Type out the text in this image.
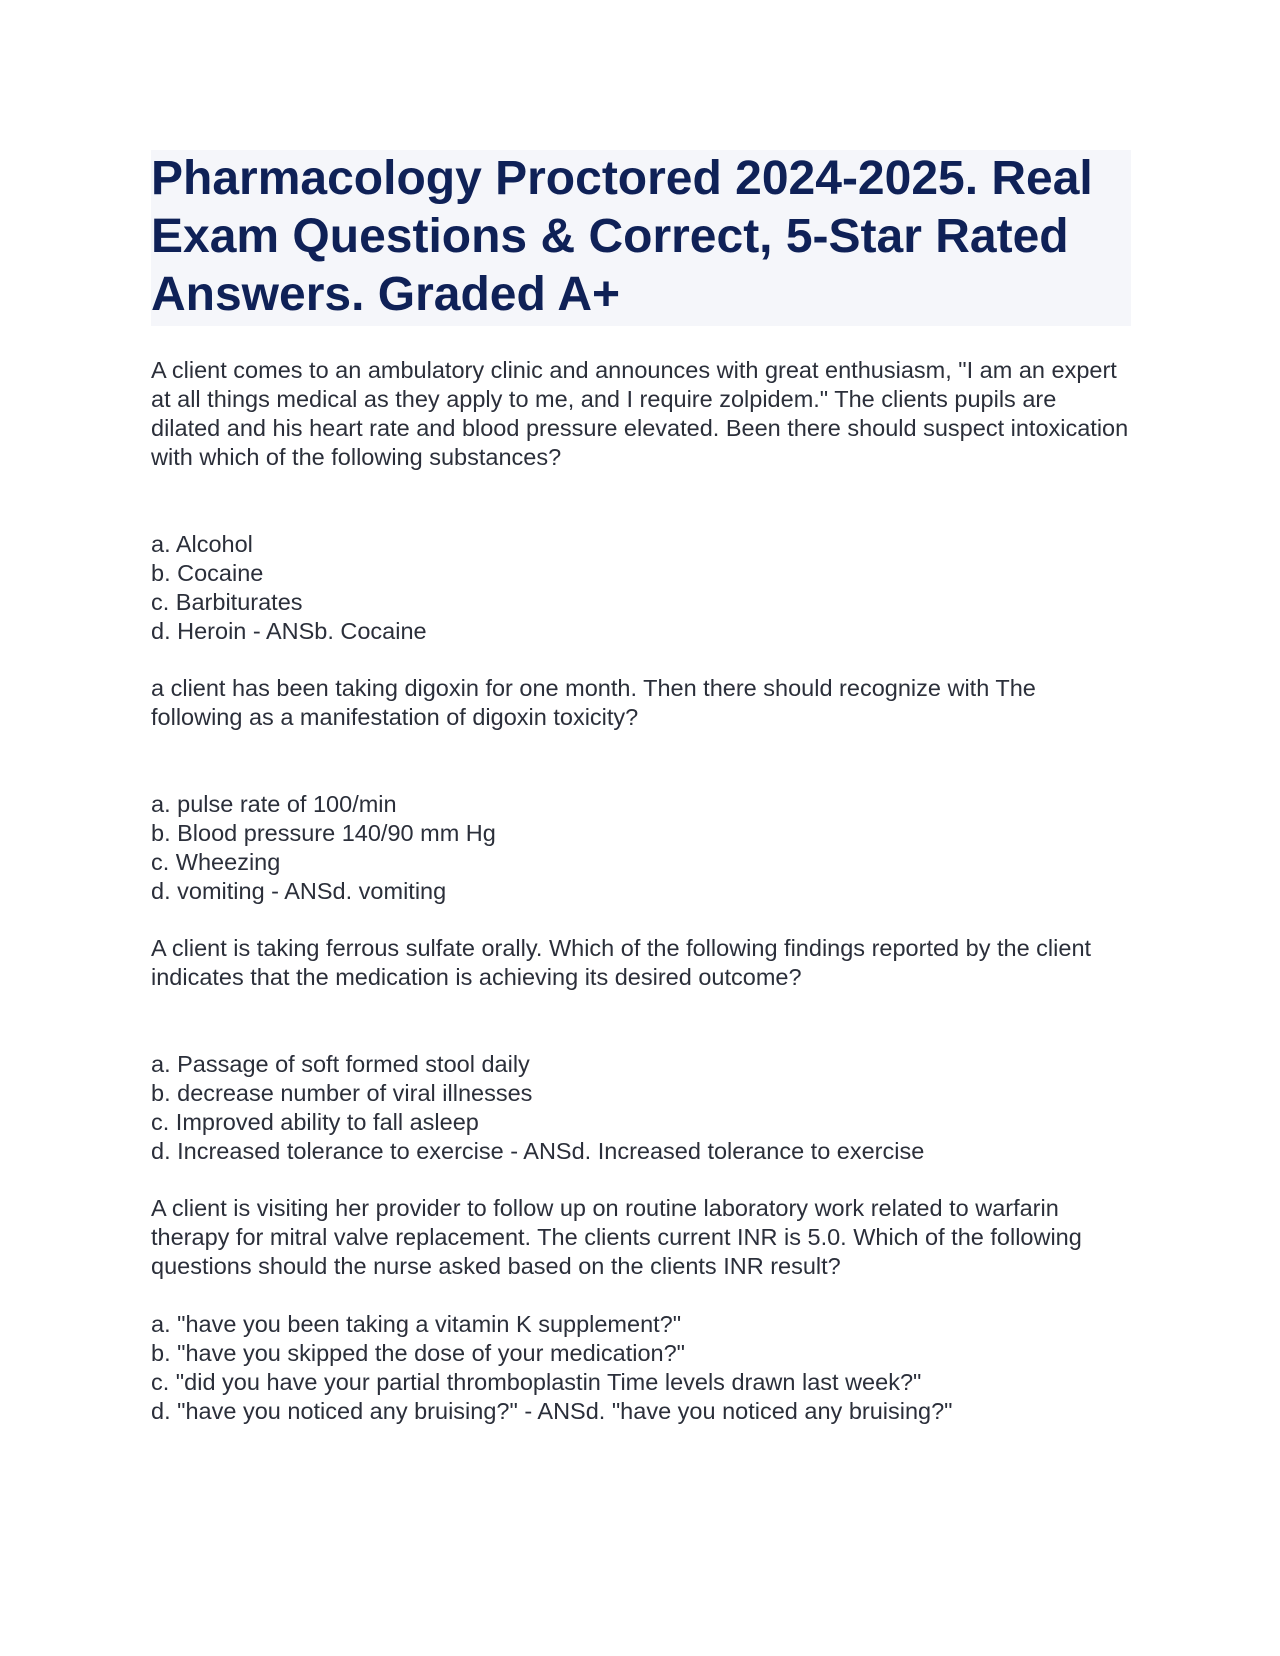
Pharmacology Proctored 2024-2025. Real Exam Questions & Correct, 5-Star Rated Answers. Graded A+

A client comes to an ambulatory clinic and announces with great enthusiasm, "I am an expert at all things medical as they apply to me, and I require zolpidem." The clients pupils are dilated and his heart rate and blood pressure elevated. Been there should suspect intoxication with which of the following substances?

a. Alcohol
b. Cocaine
c. Barbiturates
d. Heroin - ANSb. Cocaine

a client has been taking digoxin for one month. Then there should recognize with The following as a manifestation of digoxin toxicity?

a. pulse rate of 100/min
b. Blood pressure 140/90 mm Hg
c. Wheezing
d. vomiting - ANSd. vomiting

A client is taking ferrous sulfate orally. Which of the following findings reported by the client indicates that the medication is achieving its desired outcome?

a. Passage of soft formed stool daily
b. decrease number of viral illnesses
c. Improved ability to fall asleep
d. Increased tolerance to exercise - ANSd. Increased tolerance to exercise

A client is visiting her provider to follow up on routine laboratory work related to warfarin therapy for mitral valve replacement. The clients current INR is 5.0. Which of the following questions should the nurse asked based on the clients INR result?

a. "have you been taking a vitamin K supplement?"
b. "have you skipped the dose of your medication?"
c. "did you have your partial thromboplastin Time levels drawn last week?"
d. "have you noticed any bruising?" - ANSd. "have you noticed any bruising?"
